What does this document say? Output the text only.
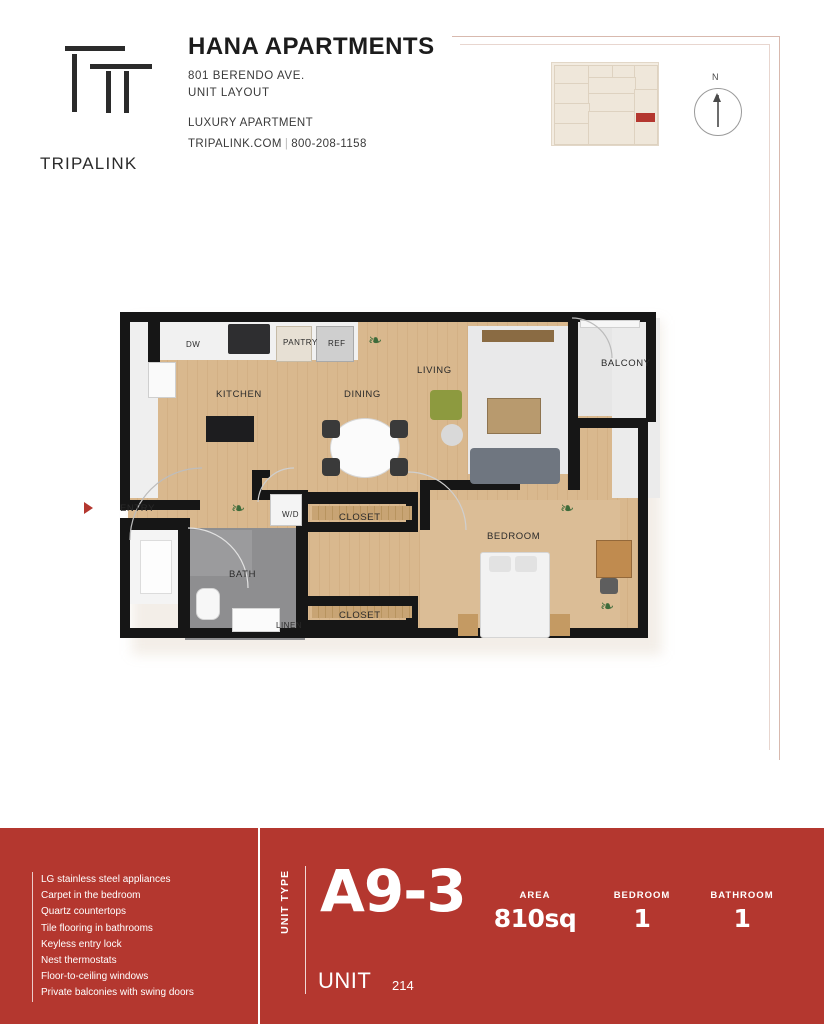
TRIPALINK
HANA APARTMENTS
801 BERENDO AVE.
UNIT LAYOUT
LUXURY APARTMENT
TRIPALINK.COM | 800-208-1158
N
❧
❧	❧
❧
KITCHEN	DINING
LIVING
BALCONY
BEDROOM
BATH
ENTRY
CLOSET
CLOSET
LINEN
W/D
DW	PANTRY REF
LG stainless steel appliances
Carpet in the bedroom
Quartz countertops
Tile flooring in bathrooms
Keyless entry lock
Nest thermostats
Floor-to-ceiling windows
Private balconies with swing doors
UNIT TYPE A9-3
UNIT 214
AREA
810sq
BEDROOM
1
BATHROOM
1
